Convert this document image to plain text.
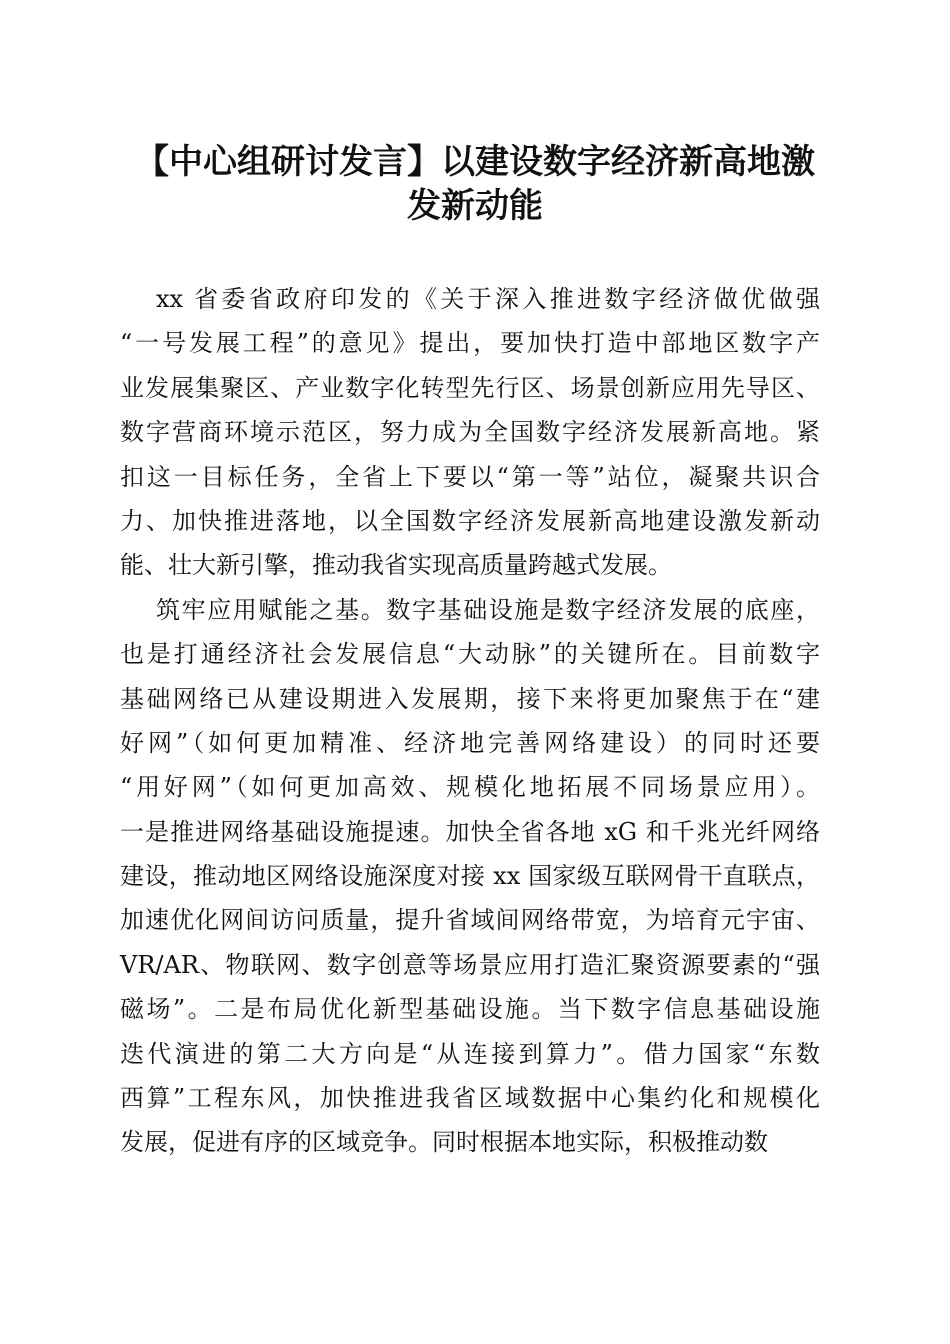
【中心组研讨发言】以建设数字经济新高地激
发新动能
xx 省委省政府印发的《关于深入推进数字经济做优做强
“一号发展工程”的意见》提出，要加快打造中部地区数字产
业发展集聚区、产业数字化转型先行区、场景创新应用先导区、
数字营商环境示范区，努力成为全国数字经济发展新高地。紧
扣这一目标任务，全省上下要以“第一等”站位，凝聚共识合
力、加快推进落地，以全国数字经济发展新高地建设激发新动
能、壮大新引擎，推动我省实现高质量跨越式发展。
筑牢应用赋能之基。数字基础设施是数字经济发展的底座，
也是打通经济社会发展信息“大动脉”的关键所在。目前数字
基础网络已从建设期进入发展期，接下来将更加聚焦于在“建
好网”（如何更加精准、经济地完善网络建设）的同时还要
“用好网”（如何更加高效、规模化地拓展不同场景应用）。
一是推进网络基础设施提速。加快全省各地 xG 和千兆光纤网络
建设，推动地区网络设施深度对接 xx 国家级互联网骨干直联点，
加速优化网间访问质量，提升省域间网络带宽，为培育元宇宙、
VR/AR、物联网、数字创意等场景应用打造汇聚资源要素的“强
磁场”。二是布局优化新型基础设施。当下数字信息基础设施
迭代演进的第二大方向是“从连接到算力”。借力国家“东数
西算”工程东风，加快推进我省区域数据中心集约化和规模化
发展，促进有序的区域竞争。同时根据本地实际，积极推动数
